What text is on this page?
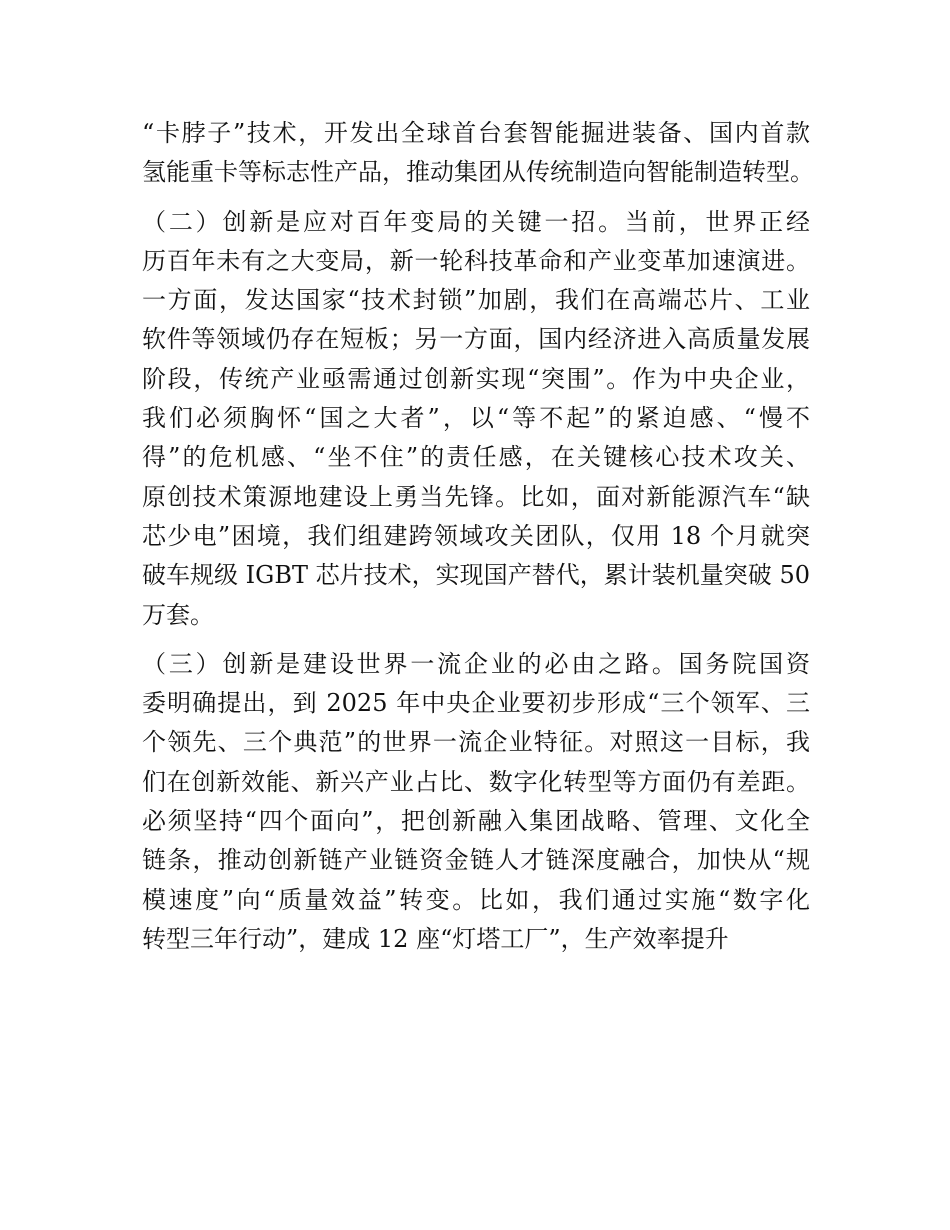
“卡脖子”技术，开发出全球首台套智能掘进装备、国内首款
氢能重卡等标志性产品，推动集团从传统制造向智能制造转型。
（二）创新是应对百年变局的关键一招。当前，世界正经
历百年未有之大变局，新一轮科技革命和产业变革加速演进。
一方面，发达国家“技术封锁”加剧，我们在高端芯片、工业
软件等领域仍存在短板；另一方面，国内经济进入高质量发展
阶段，传统产业亟需通过创新实现“突围”。作为中央企业，
我们必须胸怀“国之大者”，以“等不起”的紧迫感、“慢不
得”的危机感、“坐不住”的责任感，在关键核心技术攻关、
原创技术策源地建设上勇当先锋。比如，面对新能源汽车“缺
芯少电”困境，我们组建跨领域攻关团队，仅用 18 个月就突
破车规级 IGBT 芯片技术，实现国产替代，累计装机量突破 50
万套。
（三）创新是建设世界一流企业的必由之路。国务院国资
委明确提出，到 2025 年中央企业要初步形成“三个领军、三
个领先、三个典范”的世界一流企业特征。对照这一目标，我
们在创新效能、新兴产业占比、数字化转型等方面仍有差距。
必须坚持“四个面向”，把创新融入集团战略、管理、文化全
链条，推动创新链产业链资金链人才链深度融合，加快从“规
模速度”向“质量效益”转变。比如，我们通过实施“数字化
转型三年行动”，建成 12 座“灯塔工厂”，生产效率提升
